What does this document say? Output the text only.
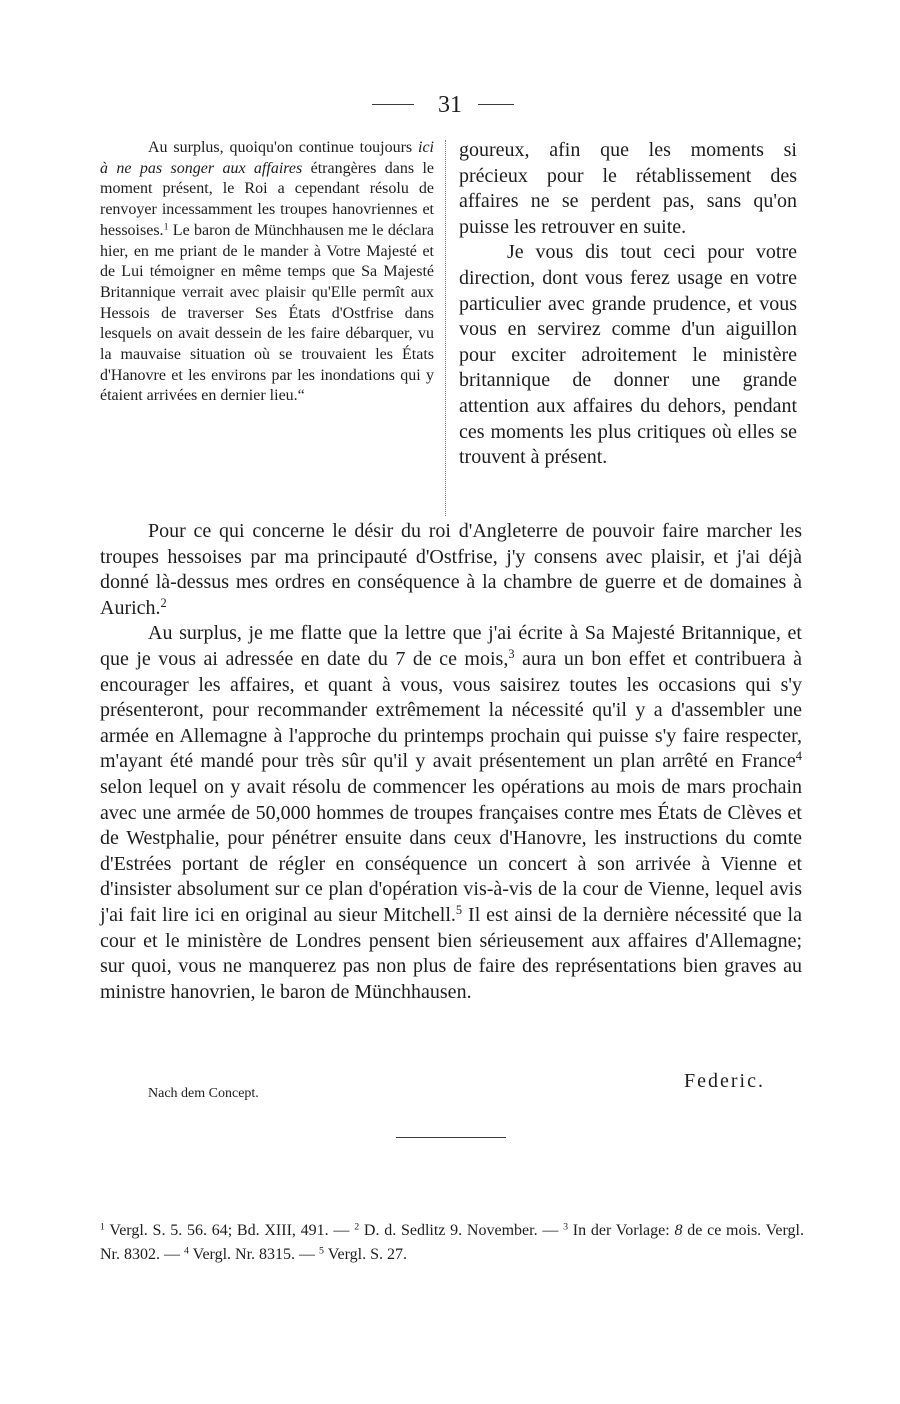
31

Au surplus, quoiqu'on continue toujours ici à ne pas songer aux affaires étrangères dans le moment présent, le Roi a cependant résolu de renvoyer incessamment les troupes hanovriennes et hessoises.$^1$ Le baron de Münchhausen me le déclara hier, en me priant de le mander à Votre Majesté et de Lui témoigner en même temps que Sa Majesté Britannique verrait avec plaisir qu'Elle permît aux Hessois de traverser Ses États d'Ostfrise dans lesquels on avait dessein de les faire débarquer, vu la mauvaise situation où se trouvaient les États d'Hanovre et les environs par les inondations qui y étaient arrivées en dernier lieu.“

goureux, afin que les moments si précieux pour le rétablissement des affaires ne se perdent pas, sans qu'on puisse les retrouver en suite.

Je vous dis tout ceci pour votre direction, dont vous ferez usage en votre particulier avec grande prudence, et vous vous en servirez comme d'un aiguillon pour exciter adroitement le ministère britannique de donner une grande attention aux affaires du dehors, pendant ces moments les plus critiques où elles se trouvent à présent.

Pour ce qui concerne le désir du roi d'Angleterre de pouvoir faire marcher les troupes hessoises par ma principauté d'Ostfrise, j'y consens avec plaisir, et j'ai déjà donné là-dessus mes ordres en conséquence à la chambre de guerre et de domaines à Aurich.$^2$

Au surplus, je me flatte que la lettre que j'ai écrite à Sa Majesté Britannique, et que je vous ai adressée en date du 7 de ce mois,$^3$ aura un bon effet et contribuera à encourager les affaires, et quant à vous, vous saisirez toutes les occasions qui s'y présenteront, pour recommander extrêmement la nécessité qu'il y a d'assembler une armée en Allemagne à l'approche du printemps prochain qui puisse s'y faire respecter, m'ayant été mandé pour très sûr qu'il y avait présentement un plan arrêté en France$^4$ selon lequel on y avait résolu de commencer les opérations au mois de mars prochain avec une armée de 50,000 hommes de troupes françaises contre mes États de Clèves et de Westphalie, pour pénétrer ensuite dans ceux d'Hanovre, les instructions du comte d'Estrées portant de régler en conséquence un concert à son arrivée à Vienne et d'insister absolument sur ce plan d'opération vis-à-vis de la cour de Vienne, lequel avis j'ai fait lire ici en original au sieur Mitchell.$^5$ Il est ainsi de la dernière nécessité que la cour et le ministère de Londres pensent bien sérieusement aux affaires d'Allemagne; sur quoi, vous ne manquerez pas non plus de faire des représentations bien graves au ministre hanovrien, le baron de Münchhausen.

Federic.
Nach dem Concept.

$^1$ Vergl. S. 5. 56. 64; Bd. XIII, 491. — $^2$ D. d. Sedlitz 9. November. — $^3$ In der Vorlage: 8 de ce mois. Vergl. Nr. 8302. — $^4$ Vergl. Nr. 8315. — $^5$ Vergl. S. 27.
